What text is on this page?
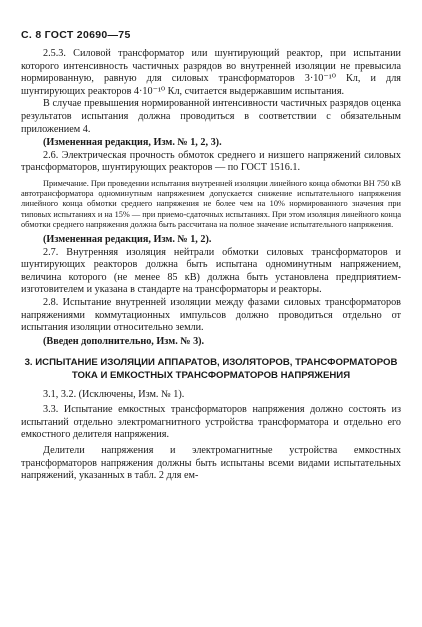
С. 8 ГОСТ 20690—75

2.5.3. Силовой трансформатор или шунтирующий реактор, при испытании которого интенсивность частичных разрядов во внутренней изоляции не превысила нормированную, равную для силовых трансформаторов 3·10⁻¹⁰ Кл, и для шунтирующих реакторов 4·10⁻¹⁰ Кл, считается выдержавшим испытания.

В случае превышения нормированной интенсивности частичных разрядов оценка результатов испытания должна проводиться в соответствии с обязательным приложением 4.

(Измененная редакция, Изм. № 1, 2, 3).

2.6. Электрическая прочность обмоток среднего и низшего напряжений силовых трансформаторов, шунтирующих реакторов — по ГОСТ 1516.1.

Примечание. При проведении испытания внутренней изоляции линейного конца обмотки ВН 750 кВ автотрансформатора одноминутным напряжением допускается снижение испытательного напряжения линейного конца обмотки среднего напряжения не более чем на 10% нормированного значения при типовых испытаниях и на 15% — при приемо-сдаточных испытаниях. При этом изоляция линейного конца обмотки среднего напряжения должна быть рассчитана на полное значение испытательного напряжения.

(Измененная редакция, Изм. № 1, 2).

2.7. Внутренняя изоляция нейтрали обмотки силовых трансформаторов и шунтирующих реакторов должна быть испытана одноминутным напряжением, величина которого (не менее 85 кВ) должна быть установлена предприятием-изготовителем и указана в стандарте на трансформаторы и реакторы.

2.8. Испытание внутренней изоляции между фазами силовых трансформаторов напряжениями коммутационных импульсов должно проводиться отдельно от испытания изоляции относительно земли.

(Введен дополнительно, Изм. № 3).

3. ИСПЫТАНИЕ ИЗОЛЯЦИИ АППАРАТОВ, ИЗОЛЯТОРОВ, ТРАНСФОРМАТОРОВ ТОКА И ЕМКОСТНЫХ ТРАНСФОРМАТОРОВ НАПРЯЖЕНИЯ

3.1, 3.2. (Исключены, Изм. № 1).

3.3. Испытание емкостных трансформаторов напряжения должно состоять из испытаний отдельно электромагнитного устройства трансформатора и отдельно его емкостного делителя напряжения.

Делители напряжения и электромагнитные устройства емкостных трансформаторов напряжения должны быть испытаны всеми видами испытательных напряжений, указанных в табл. 2 для ем-
